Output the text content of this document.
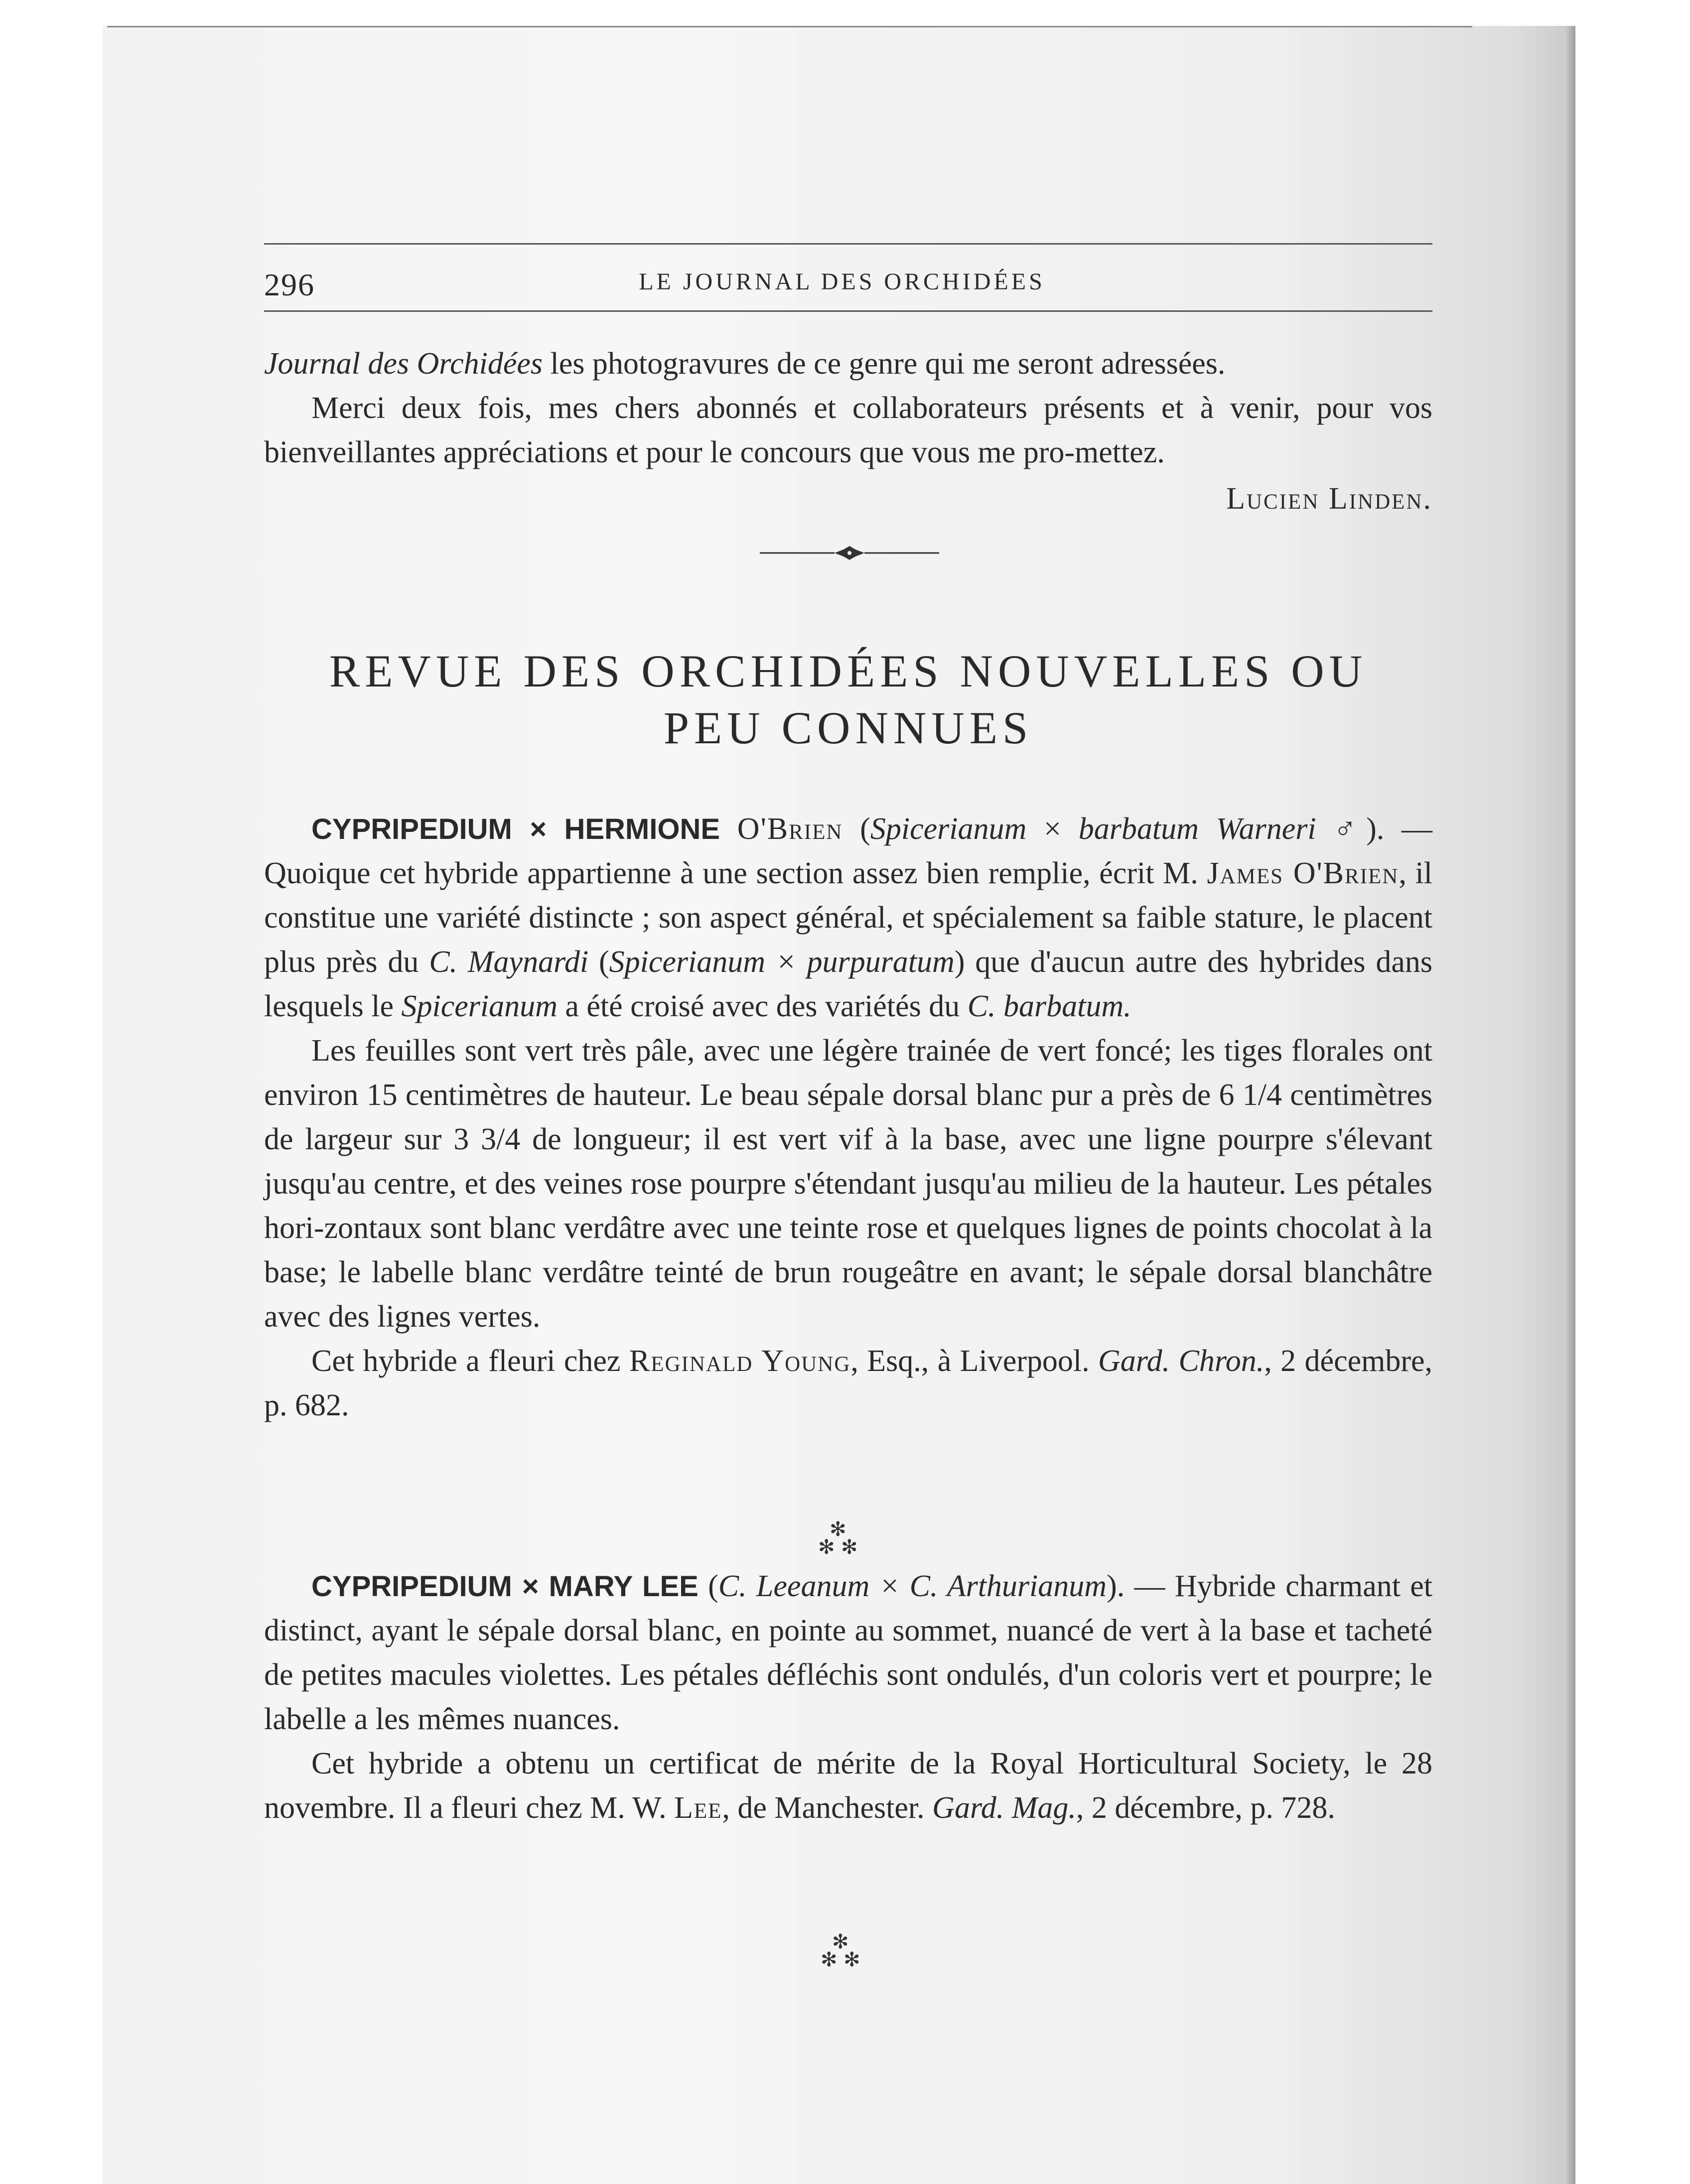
296	LE JOURNAL DES ORCHIDÉES
Journal des Orchidées les photogravures de ce genre qui me seront adressées.
Merci deux fois, mes chers abonnés et collaborateurs présents et à venir, pour vos bienveillantes appréciations et pour le concours que vous me pro-mettez.
Lucien Linden.
REVUE DES ORCHIDÉES NOUVELLES OU
PEU CONNUES
CYPRIPEDIUM × HERMIONE O'Brien (Spicerianum × barbatum Warneri ♂). — Quoique cet hybride appartienne à une section assez bien remplie, écrit M. James O'Brien, il constitue une variété distincte ; son aspect général, et spécialement sa faible stature, le placent plus près du C. Maynardi (Spicerianum × purpuratum) que d'aucun autre des hybrides dans lesquels le Spicerianum a été croisé avec des variétés du C. barbatum.
Les feuilles sont vert très pâle, avec une légère trainée de vert foncé; les tiges florales ont environ 15 centimètres de hauteur. Le beau sépale dorsal blanc pur a près de 6 1/4 centimètres de largeur sur 3 3/4 de longueur; il est vert vif à la base, avec une ligne pourpre s'élevant jusqu'au centre, et des veines rose pourpre s'étendant jusqu'au milieu de la hauteur. Les pétales hori-zontaux sont blanc verdâtre avec une teinte rose et quelques lignes de points chocolat à la base; le labelle blanc verdâtre teinté de brun rougeâtre en avant; le sépale dorsal blanchâtre avec des lignes vertes.
Cet hybride a fleuri chez Reginald Young, Esq., à Liverpool. Gard. Chron., 2 décembre, p. 682.
✻
✻ ✻
CYPRIPEDIUM × MARY LEE (C. Leeanum × C. Arthurianum). — Hybride charmant et distinct, ayant le sépale dorsal blanc, en pointe au sommet, nuancé de vert à la base et tacheté de petites macules violettes. Les pétales défléchis sont ondulés, d'un coloris vert et pourpre; le labelle a les mêmes nuances.
Cet hybride a obtenu un certificat de mérite de la Royal Horticultural Society, le 28 novembre. Il a fleuri chez M. W. Lee, de Manchester. Gard. Mag., 2 décembre, p. 728.
✻
✻ ✻
